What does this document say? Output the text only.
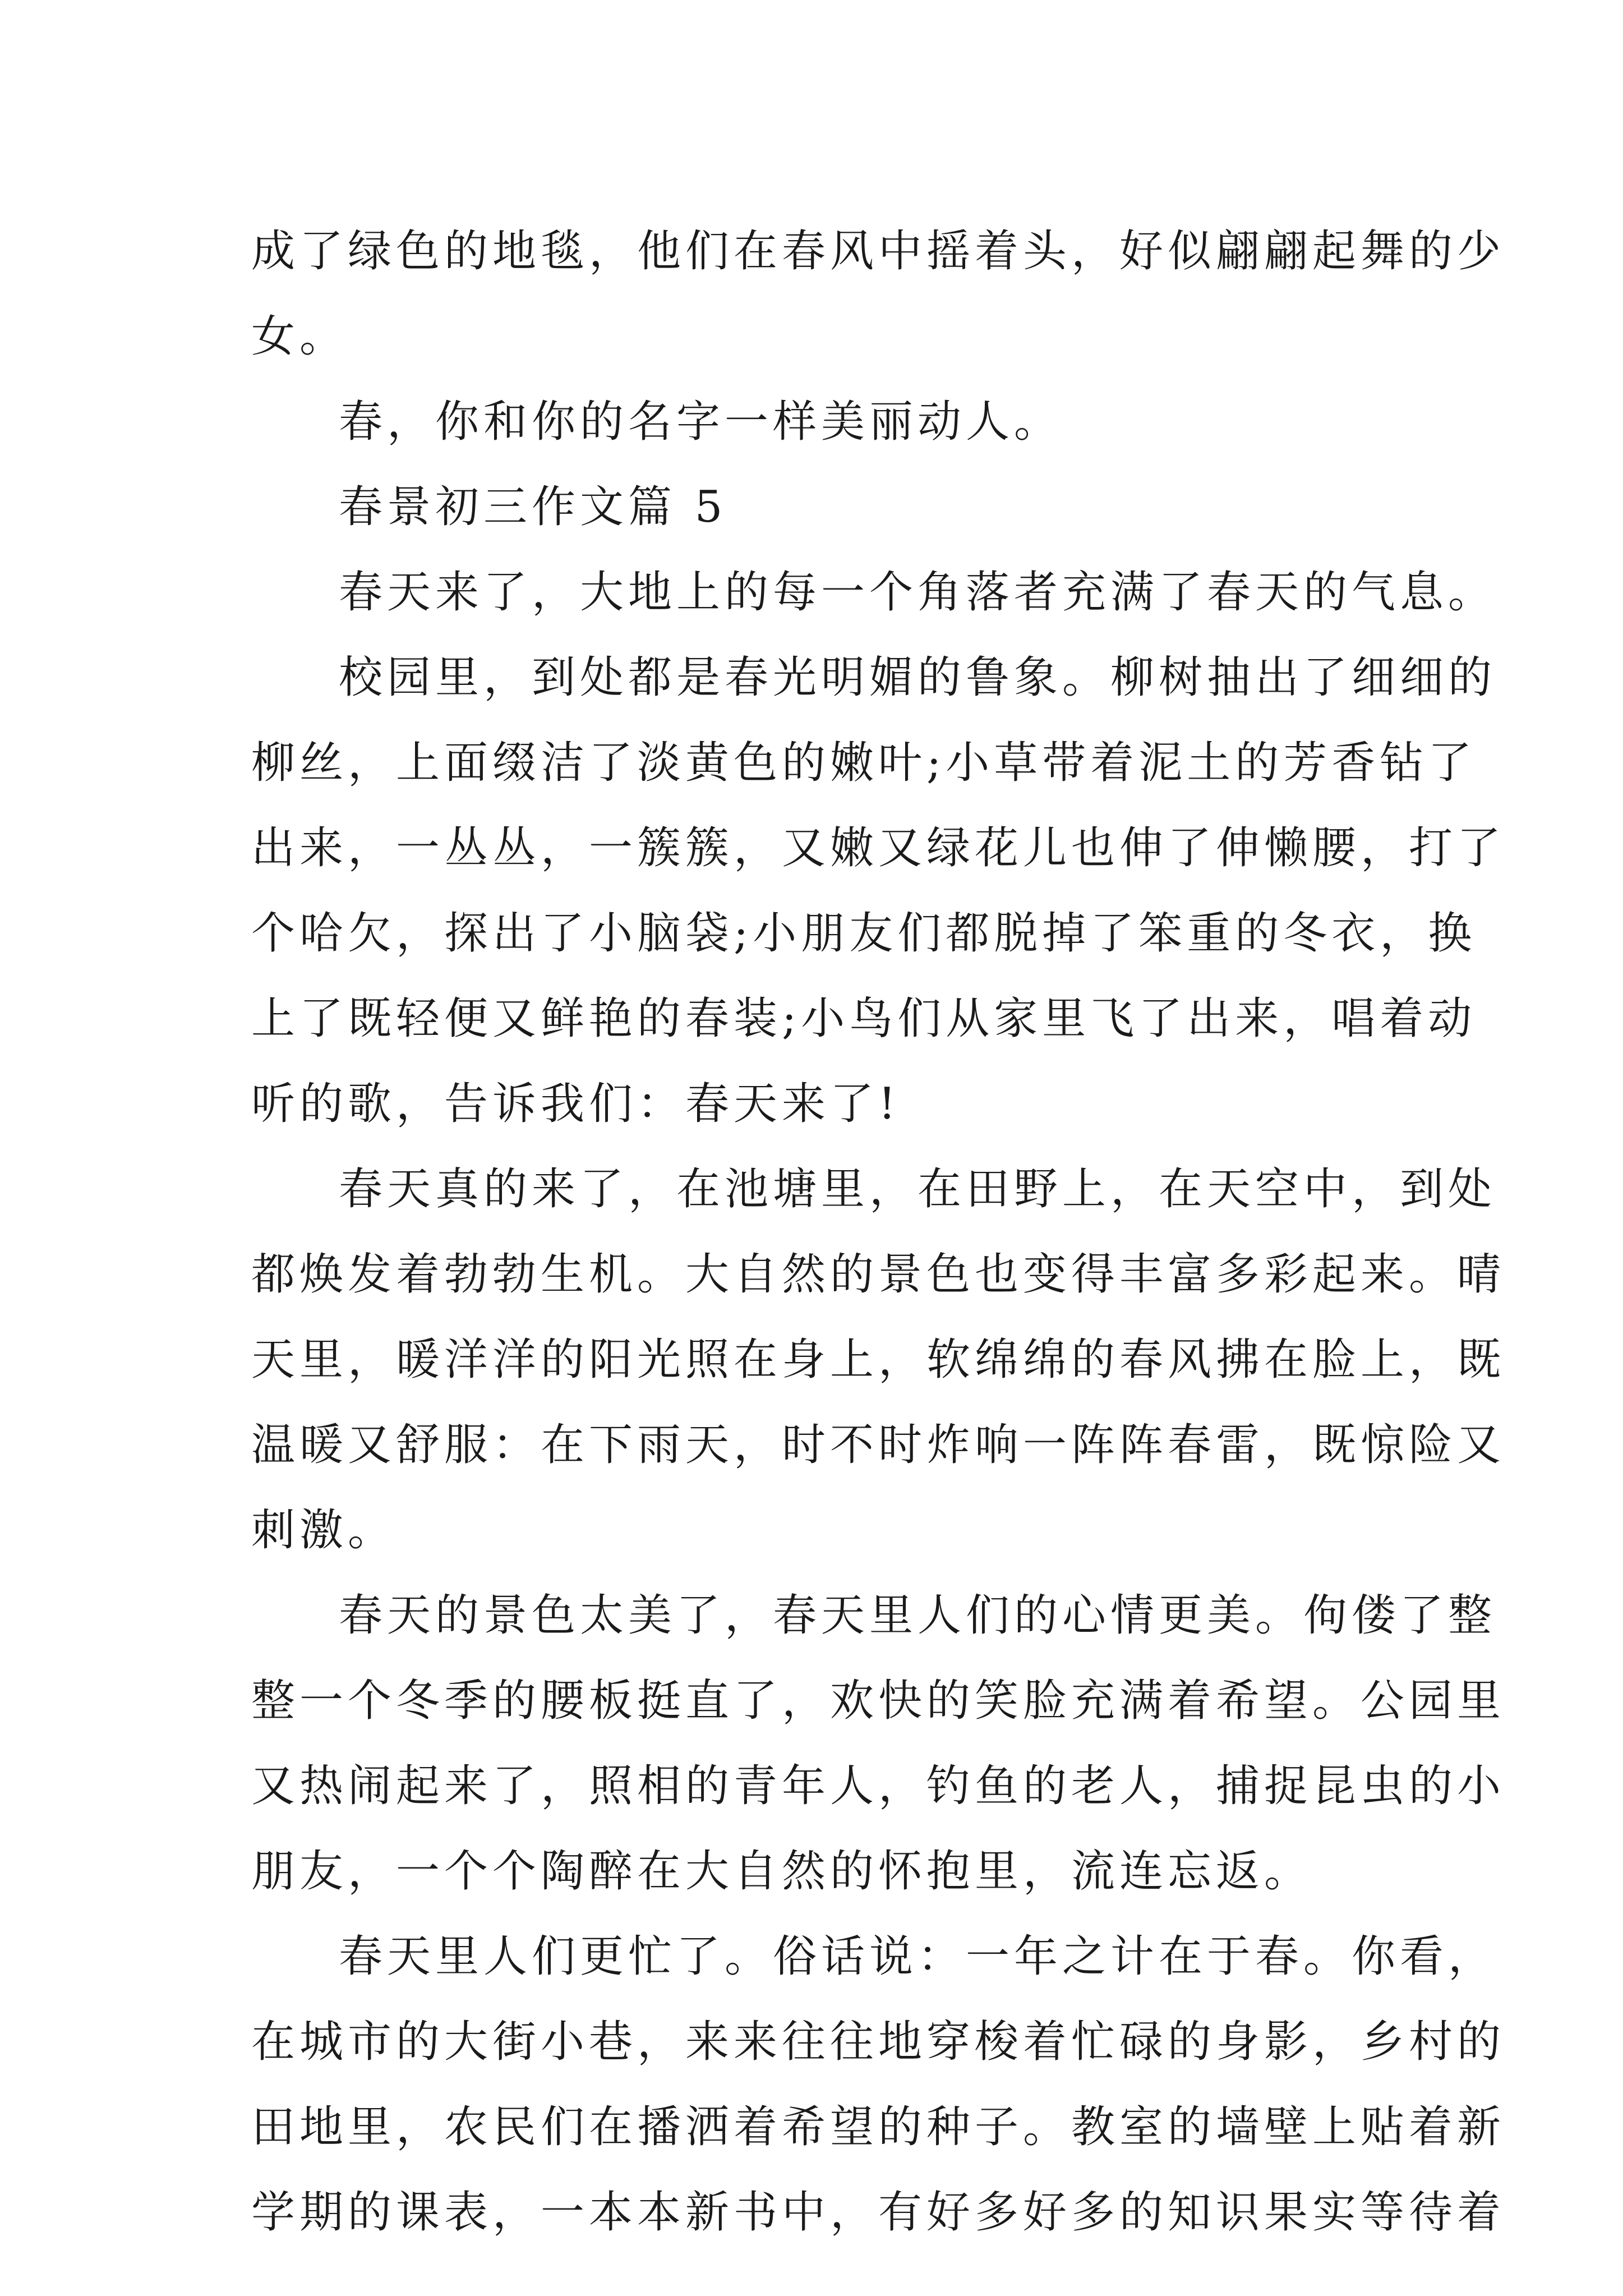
成了绿色的地毯，他们在春风中摇着头，好似翩翩起舞的少
女。
春，你和你的名字一样美丽动人。
春景初三作文篇 5
春天来了，大地上的每一个角落者充满了春天的气息。
校园里，到处都是春光明媚的鲁象。柳树抽出了细细的
柳丝，上面缀洁了淡黄色的嫩叶;小草带着泥土的芳香钻了
出来，一丛丛，一簇簇，又嫩又绿花儿也伸了伸懒腰，打了
个哈欠，探出了小脑袋;小朋友们都脱掉了笨重的冬衣，换
上了既轻便又鲜艳的春装;小鸟们从家里飞了出来，唱着动
听的歌，告诉我们：春天来了!
春天真的来了，在池塘里，在田野上，在天空中，到处
都焕发着勃勃生机。大自然的景色也变得丰富多彩起来。晴
天里，暖洋洋的阳光照在身上，软绵绵的春风拂在脸上，既
温暖又舒服：在下雨天，时不时炸响一阵阵春雷，既惊险又
刺激。
春天的景色太美了，春天里人们的心情更美。佝偻了整
整一个冬季的腰板挺直了，欢快的笑脸充满着希望。公园里
又热闹起来了，照相的青年人，钓鱼的老人，捕捉昆虫的小
朋友，一个个陶醉在大自然的怀抱里，流连忘返。
春天里人们更忙了。俗话说：一年之计在于春。你看，
在城市的大街小巷，来来往往地穿梭着忙碌的身影，乡村的
田地里，农民们在播洒着希望的种子。教室的墙壁上贴着新
学期的课表，一本本新书中，有好多好多的知识果实等待着
